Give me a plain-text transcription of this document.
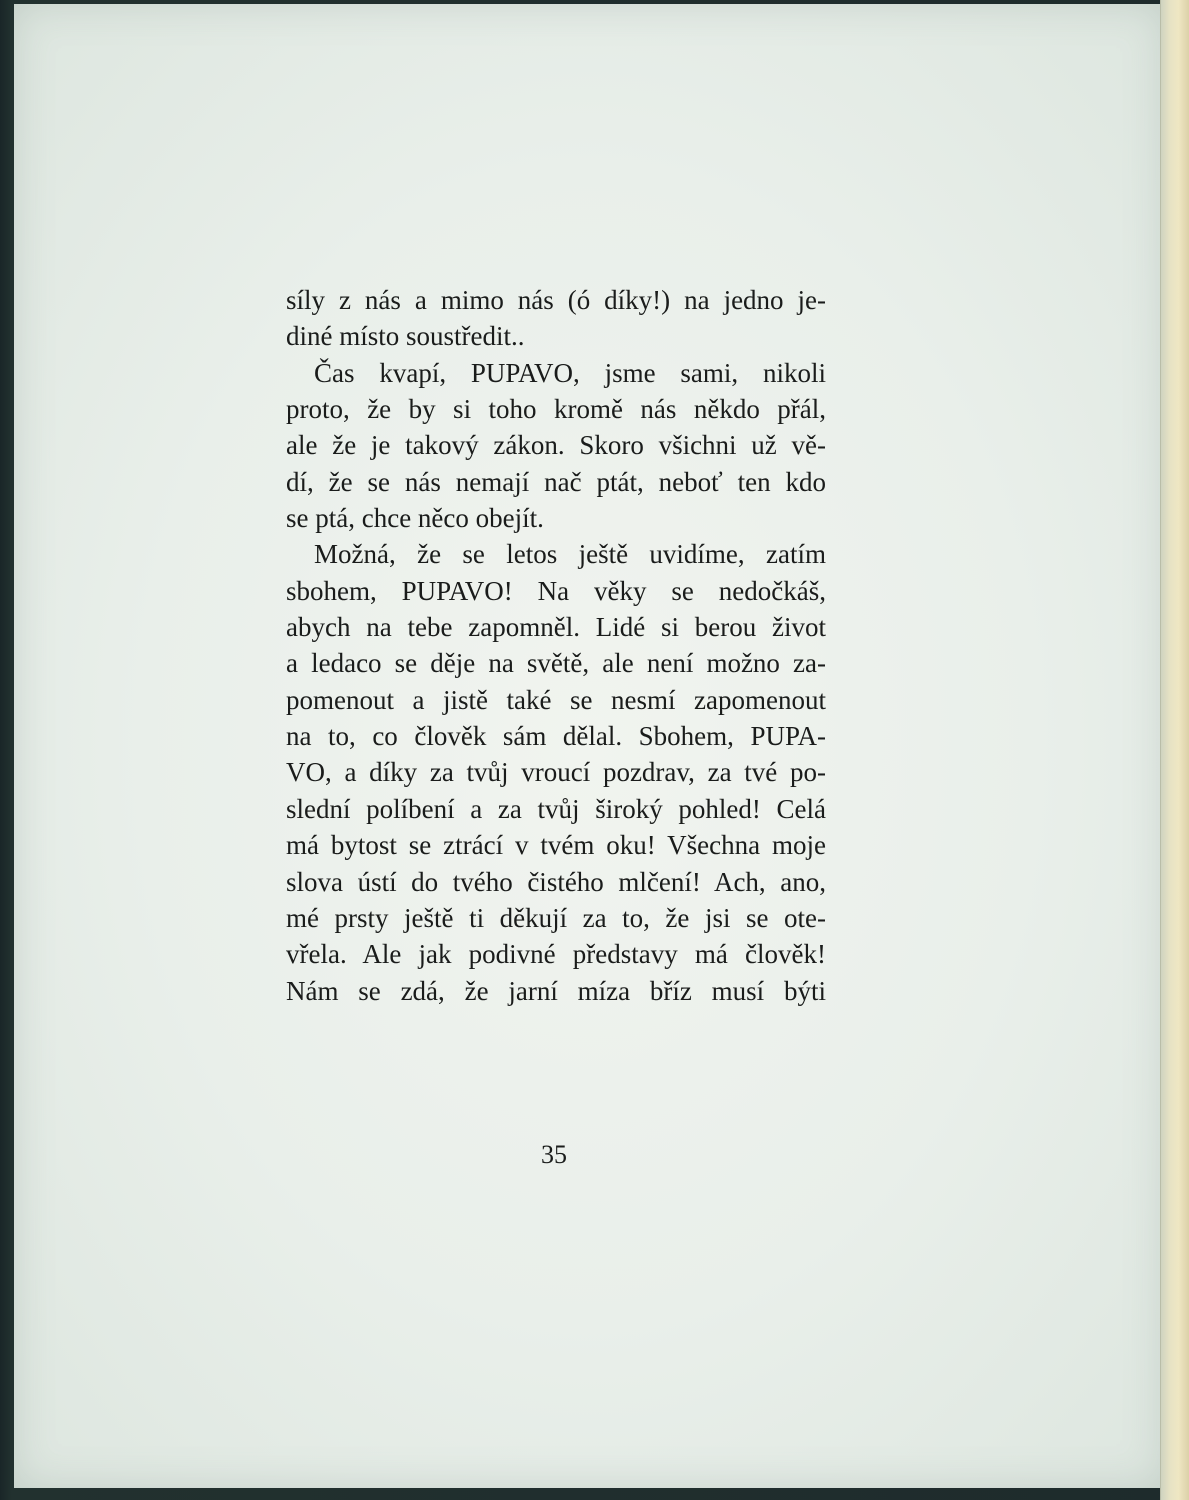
síly z nás a mimo nás (ó díky!) na jedno je-
diné místo soustředit..
Čas kvapí, PUPAVO, jsme sami, nikoli
proto, že by si toho kromě nás někdo přál,
ale že je takový zákon. Skoro všichni už vě-
dí, že se nás nemají nač ptát, neboť ten kdo
se ptá, chce něco obejít.
Možná, že se letos ještě uvidíme, zatím
sbohem, PUPAVO! Na věky se nedočkáš,
abych na tebe zapomněl. Lidé si berou život
a ledaco se děje na světě, ale není možno za-
pomenout a jistě také se nesmí zapomenout
na to, co člověk sám dělal. Sbohem, PUPA-
VO, a díky za tvůj vroucí pozdrav, za tvé po-
slední políbení a za tvůj široký pohled! Celá
má bytost se ztrácí v tvém oku! Všechna moje
slova ústí do tvého čistého mlčení! Ach, ano,
mé prsty ještě ti děkují za to, že jsi se ote-
vřela. Ale jak podivné představy má člověk!
Nám se zdá, že jarní míza bříz musí býti
35
